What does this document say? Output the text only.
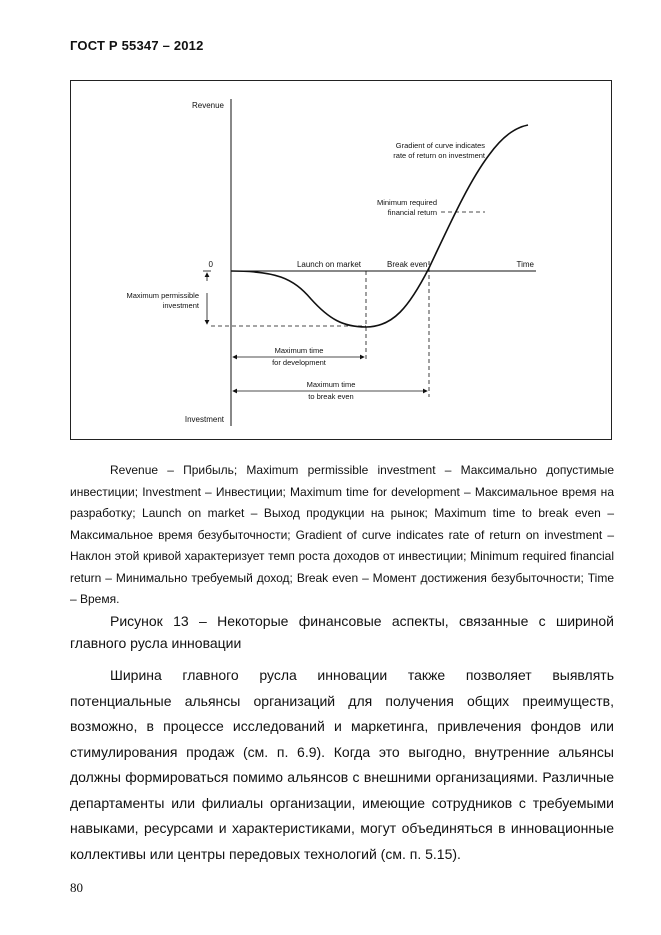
ГОСТ Р 55347 – 2012
Revenue
Investment
0	Time
Launch on market	Break even
Gradient of curve indicates
rate of return on investment
Minimum required
financial return
Maximum permissible
investment
Maximum time
for development
Maximum time
to break even
Revenue – Прибыль; Maximum permissible investment – Максимально допустимые инвестиции; Investment – Инвестиции; Maximum time for development – Максимальное время на разработку; Launch on market – Выход продукции на рынок; Maximum time to break even – Максимальное время безубыточности; Gradient of curve indicates rate of return on investment – Наклон этой кривой характеризует темп роста доходов от инвестиции; Minimum required financial return – Минимально требуемый доход; Break even – Момент достижения безубыточности; Time – Время.
Рисунок 13 – Некоторые финансовые аспекты, связанные с шириной главного русла инновации
Ширина главного русла инновации также позволяет выявлять потенциальные альянсы организаций для получения общих преимуществ, возможно, в процессе исследований и маркетинга, привлечения фондов или стимулирования продаж (см. п. 6.9). Когда это выгодно, внутренние альянсы должны формироваться помимо альянсов с внешними организациями. Различные департаменты или филиалы организации, имеющие сотрудников с требуемыми навыками, ресурсами и характеристиками, могут объединяться в инновационные коллективы или центры передовых технологий (см. п. 5.15).
80
